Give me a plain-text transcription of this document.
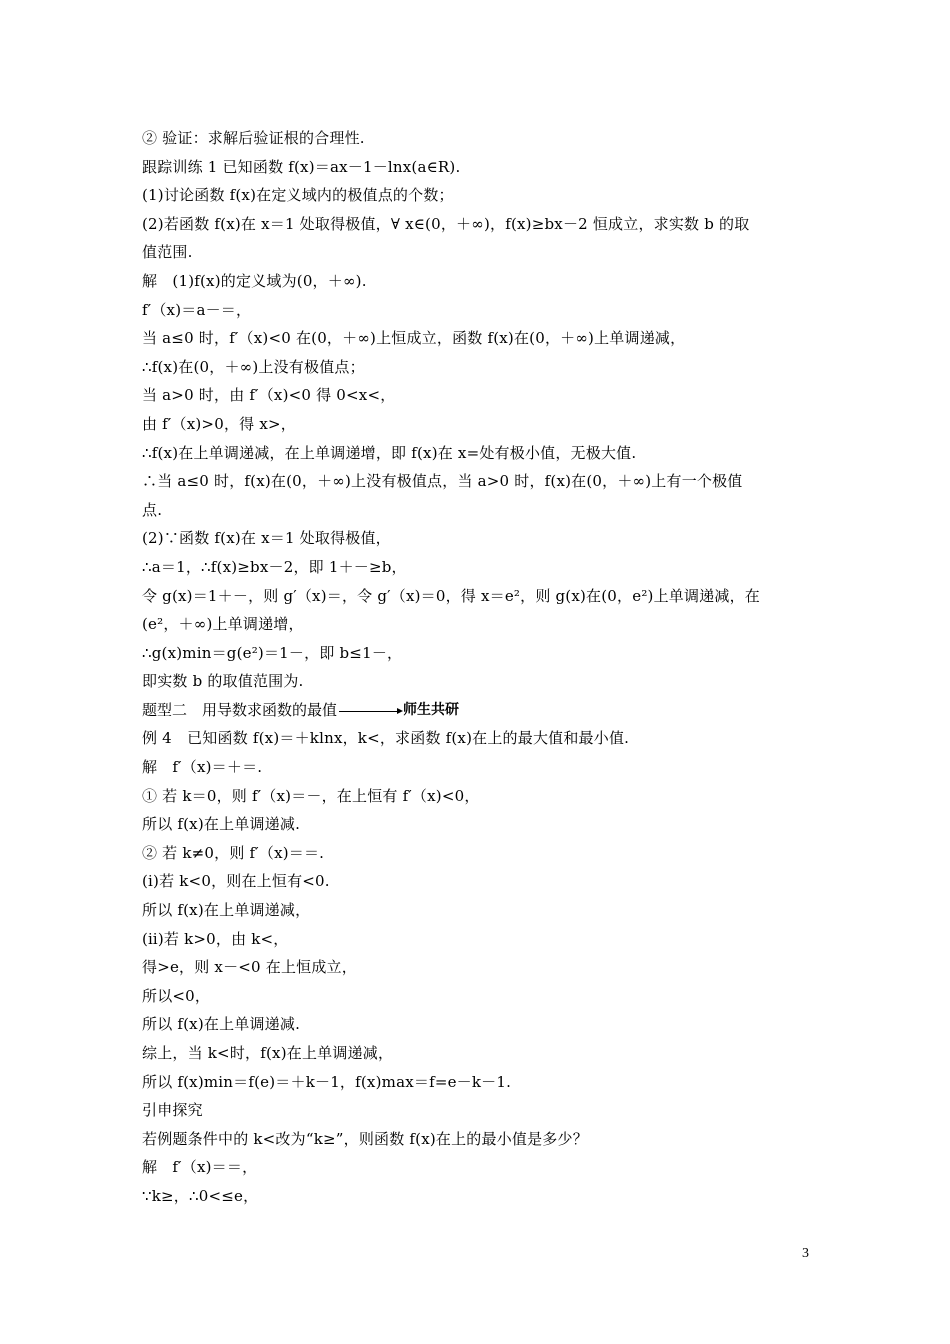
② 验证：求解后验证根的合理性.
跟踪训练 1 已知函数 f(x)＝ax－1－lnx(a∈R).
(1)讨论函数 f(x)在定义域内的极值点的个数；
(2)若函数 f(x)在 x＝1 处取得极值，∀ x∈(0，＋∞)，f(x)≥bx－2 恒成立，求实数 b 的取
值范围.
解　(1)f(x)的定义域为(0，＋∞).
f′（x)＝a－＝，
当 a≤0 时，f′（x)<0 在(0，＋∞)上恒成立，函数 f(x)在(0，＋∞)上单调递减，
∴f(x)在(0，＋∞)上没有极值点；
当 a>0 时，由 f′（x)<0 得 0<x<，
由 f′（x)>0，得 x>，
∴f(x)在上单调递减，在上单调递增，即 f(x)在 x=处有极小值，无极大值.
∴当 a≤0 时，f(x)在(0，＋∞)上没有极值点，当 a>0 时，f(x)在(0，＋∞)上有一个极值
点.
(2)∵函数 f(x)在 x＝1 处取得极值，
∴a＝1，∴f(x)≥bx－2，即 1＋－≥b，
令 g(x)＝1＋－，则 g′（x)＝，令 g′（x)＝0，得 x＝e²，则 g(x)在(0，e²)上单调递减，在
(e²，＋∞)上单调递增，
∴g(x)min＝g(e²)＝1－，即 b≤1－，
即实数 b 的取值范围为.
题型二　用导数求函数的最值	师生共研
例 4　已知函数 f(x)＝＋klnx，k<，求函数 f(x)在上的最大值和最小值.
解　f′（x)＝＋＝.
① 若 k＝0，则 f′（x)＝－，在上恒有 f′（x)<0，
所以 f(x)在上单调递减.
② 若 k≠0，则 f′（x)＝＝.
(ⅰ)若 k<0，则在上恒有<0.
所以 f(x)在上单调递减，
(ⅱ)若 k>0，由 k<，
得>e，则 x－<0 在上恒成立，
所以<0，
所以 f(x)在上单调递减.
综上，当 k<时，f(x)在上单调递减，
所以 f(x)min＝f(e)＝＋k－1，f(x)max＝f=e－k－1.
引申探究
若例题条件中的 k<改为“k≥”，则函数 f(x)在上的最小值是多少？
解　f′（x)＝＝，
∵k≥，∴0<≤e，
3
